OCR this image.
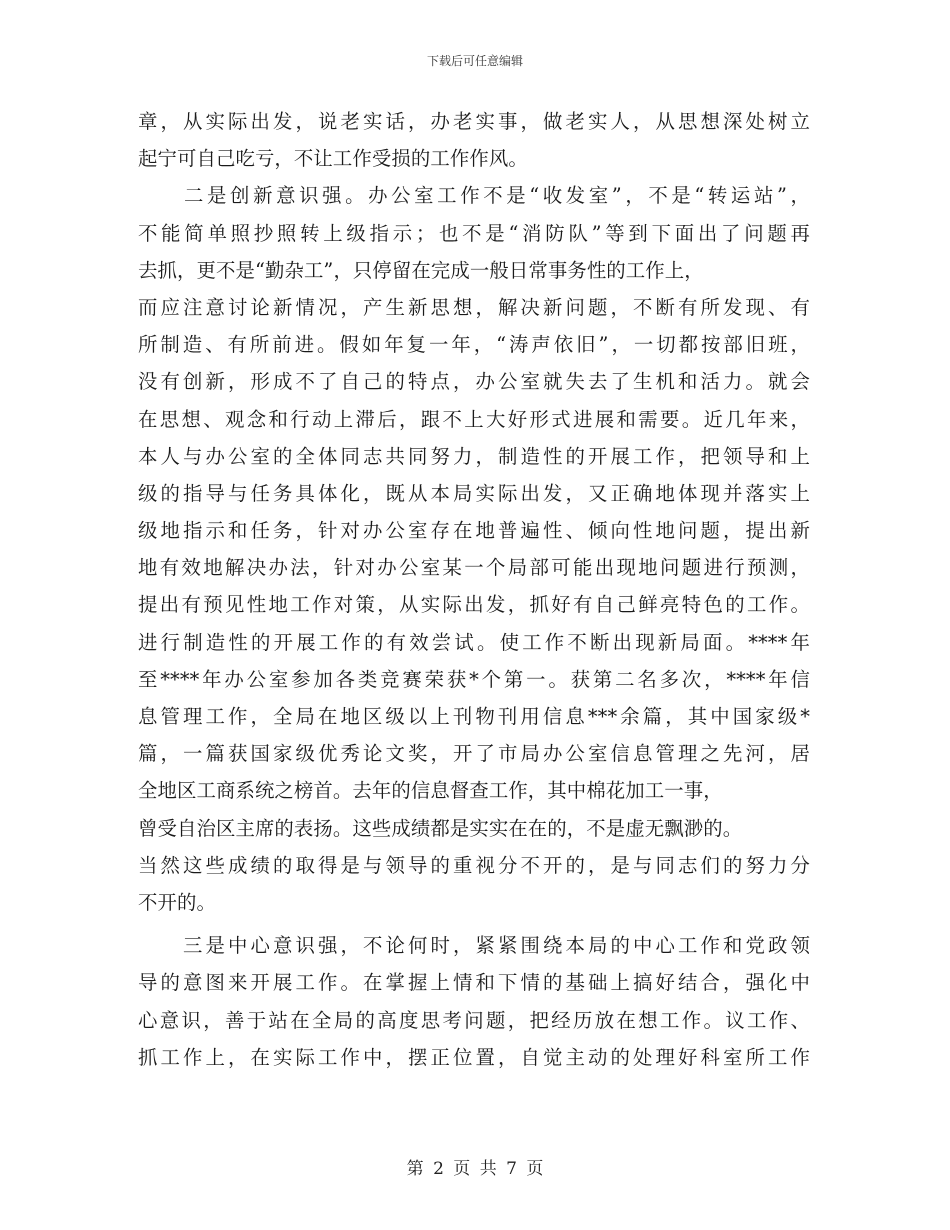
下载后可任意编辑
章，从实际出发，说老实话，办老实事，做老实人，从思想深处树立
起宁可自己吃亏，不让工作受损的工作作风。
　　二是创新意识强。办公室工作不是“收发室”，不是“转运站”，
不能简单照抄照转上级指示；也不是“消防队”等到下面出了问题再
去抓，更不是“勤杂工”，只停留在完成一般日常事务性的工作上，
而应注意讨论新情况，产生新思想，解决新问题，不断有所发现、有
所制造、有所前进。假如年复一年，“涛声依旧”，一切都按部旧班，
没有创新，形成不了自己的特点，办公室就失去了生机和活力。就会
在思想、观念和行动上滞后，跟不上大好形式进展和需要。近几年来，
本人与办公室的全体同志共同努力，制造性的开展工作，把领导和上
级的指导与任务具体化，既从本局实际出发，又正确地体现并落实上
级地指示和任务，针对办公室存在地普遍性、倾向性地问题，提出新
地有效地解决办法，针对办公室某一个局部可能出现地问题进行预测，
提出有预见性地工作对策，从实际出发，抓好有自己鲜亮特色的工作。
进行制造性的开展工作的有效尝试。使工作不断出现新局面。****年
至****年办公室参加各类竞赛荣获*个第一。获第二名多次，****年信
息管理工作，全局在地区级以上刊物刊用信息***余篇，其中国家级*
篇，一篇获国家级优秀论文奖，开了市局办公室信息管理之先河，居
全地区工商系统之榜首。去年的信息督查工作，其中棉花加工一事，
曾受自治区主席的表扬。这些成绩都是实实在在的，不是虚无飘渺的。
当然这些成绩的取得是与领导的重视分不开的，是与同志们的努力分
不开的。
　　三是中心意识强，不论何时，紧紧围绕本局的中心工作和党政领
导的意图来开展工作。在掌握上情和下情的基础上搞好结合，强化中
心意识，善于站在全局的高度思考问题，把经历放在想工作。议工作、
抓工作上，在实际工作中，摆正位置，自觉主动的处理好科室所工作
第 2 页 共 7 页
